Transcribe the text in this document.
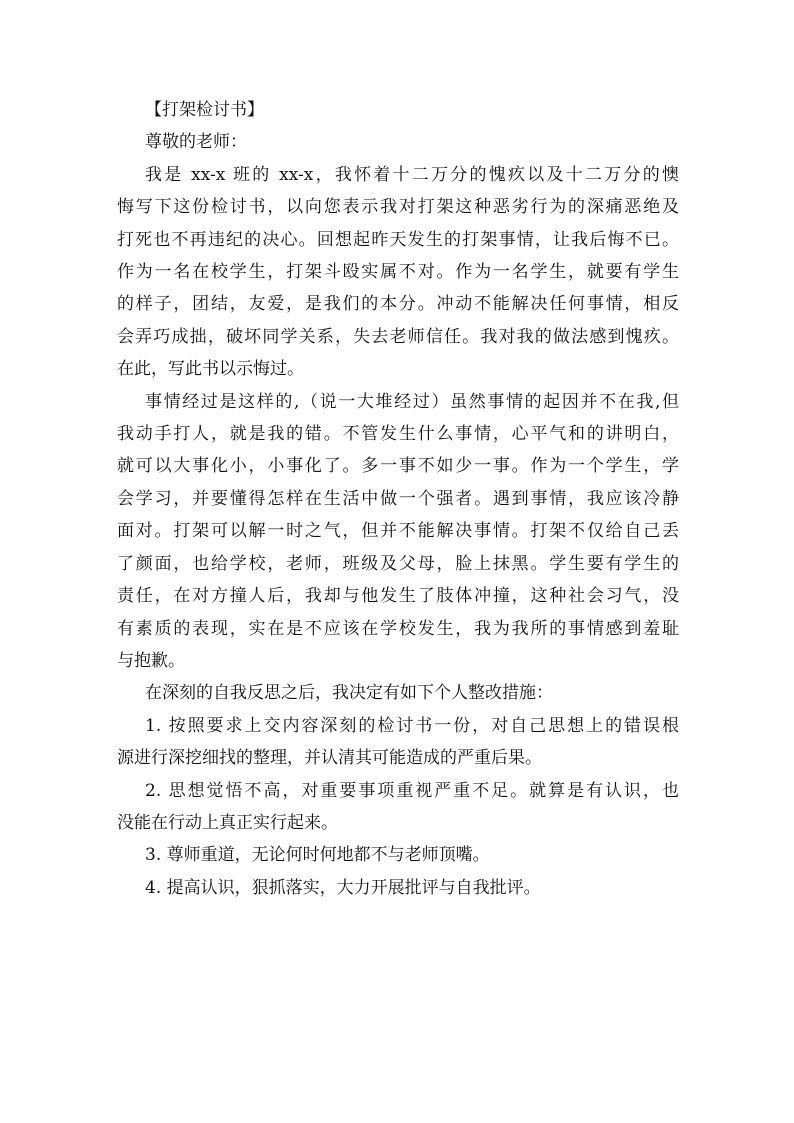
【打架检讨书】

尊敬的老师：

我是 xx-x 班的 xx-x，我怀着十二万分的愧疚以及十二万分的懊

悔写下这份检讨书，以向您表示我对打架这种恶劣行为的深痛恶绝及

打死也不再违纪的决心。回想起昨天发生的打架事情，让我后悔不已。

作为一名在校学生，打架斗殴实属不对。作为一名学生，就要有学生

的样子，团结，友爱，是我们的本分。冲动不能解决任何事情，相反

会弄巧成拙，破坏同学关系，失去老师信任。我对我的做法感到愧疚。

在此，写此书以示悔过。

事情经过是这样的,（说一大堆经过）虽然事情的起因并不在我,但

我动手打人，就是我的错。不管发生什么事情，心平气和的讲明白，

就可以大事化小，小事化了。多一事不如少一事。作为一个学生，学

会学习，并要懂得怎样在生活中做一个强者。遇到事情，我应该冷静

面对。打架可以解一时之气，但并不能解决事情。打架不仅给自己丢

了颜面，也给学校，老师，班级及父母，脸上抹黑。学生要有学生的

责任，在对方撞人后，我却与他发生了肢体冲撞，这种社会习气，没

有素质的表现，实在是不应该在学校发生，我为我所的事情感到羞耻

与抱歉。

在深刻的自我反思之后，我决定有如下个人整改措施：

1. 按照要求上交内容深刻的检讨书一份，对自己思想上的错误根

源进行深挖细找的整理，并认清其可能造成的严重后果。

2. 思想觉悟不高，对重要事项重视严重不足。就算是有认识，也

没能在行动上真正实行起来。

3. 尊师重道，无论何时何地都不与老师顶嘴。

4. 提高认识，狠抓落实，大力开展批评与自我批评。
